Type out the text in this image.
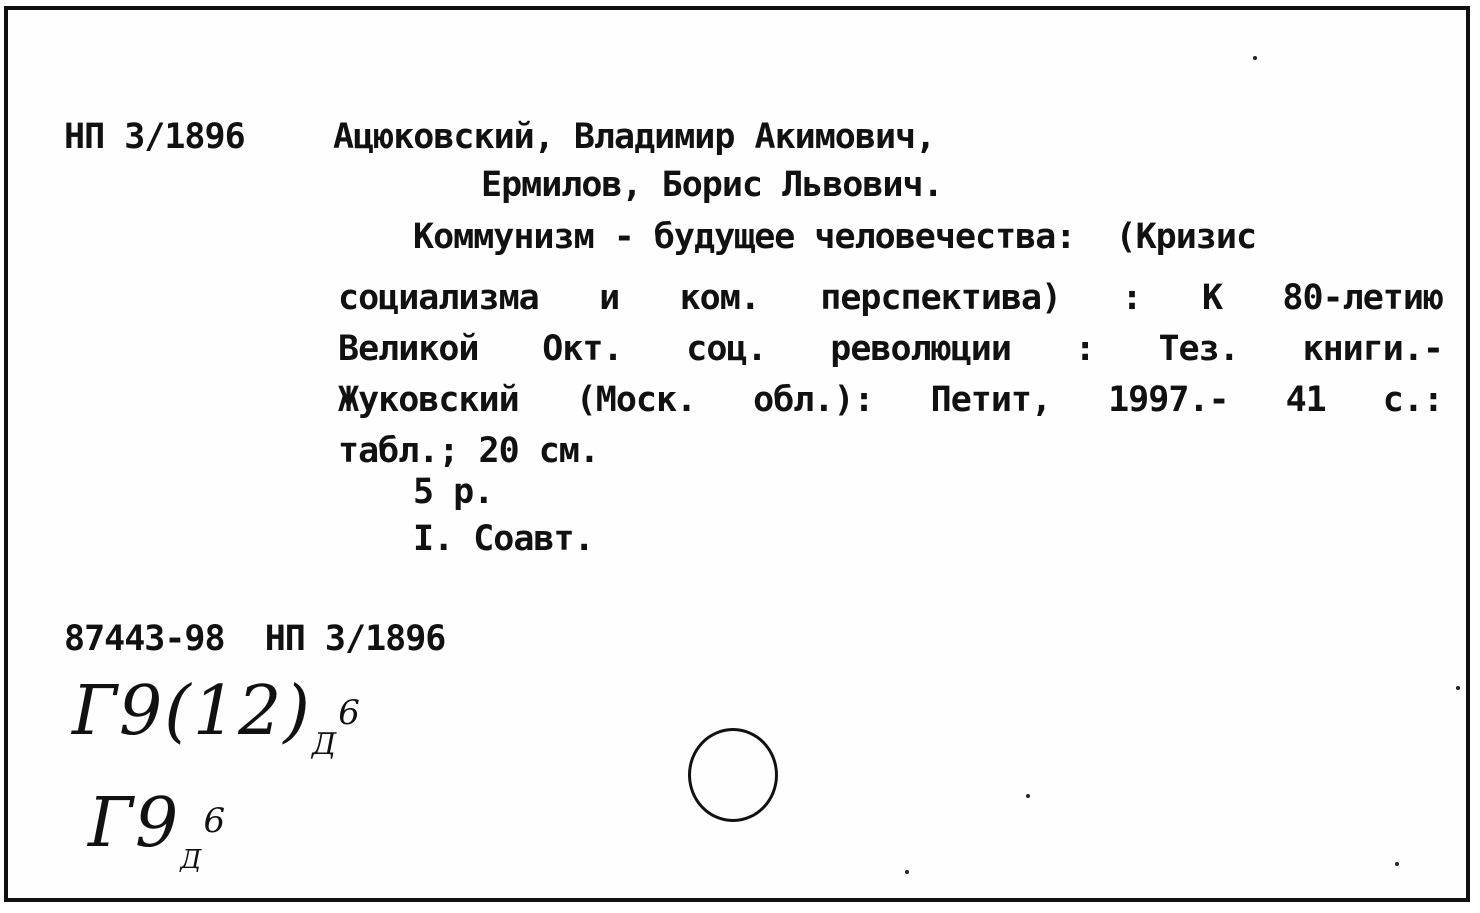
НП 3/1896	Ацюковский, Владимир Акимович,
Ермилов, Борис Львович.
Коммунизм - будущее человечества:  (Кризис
социализма и ком. перспектива) : К 80-летию
Великой Окт. соц. революции : Тез. книги.-
Жуковский (Моск. обл.): Петит, 1997.- 41 с.:
табл.; 20 см.
5 р.
I. Соавт.
87443-98  НП 3/1896
$Г9(12)_Д^6$
$Г9_Д^6$
